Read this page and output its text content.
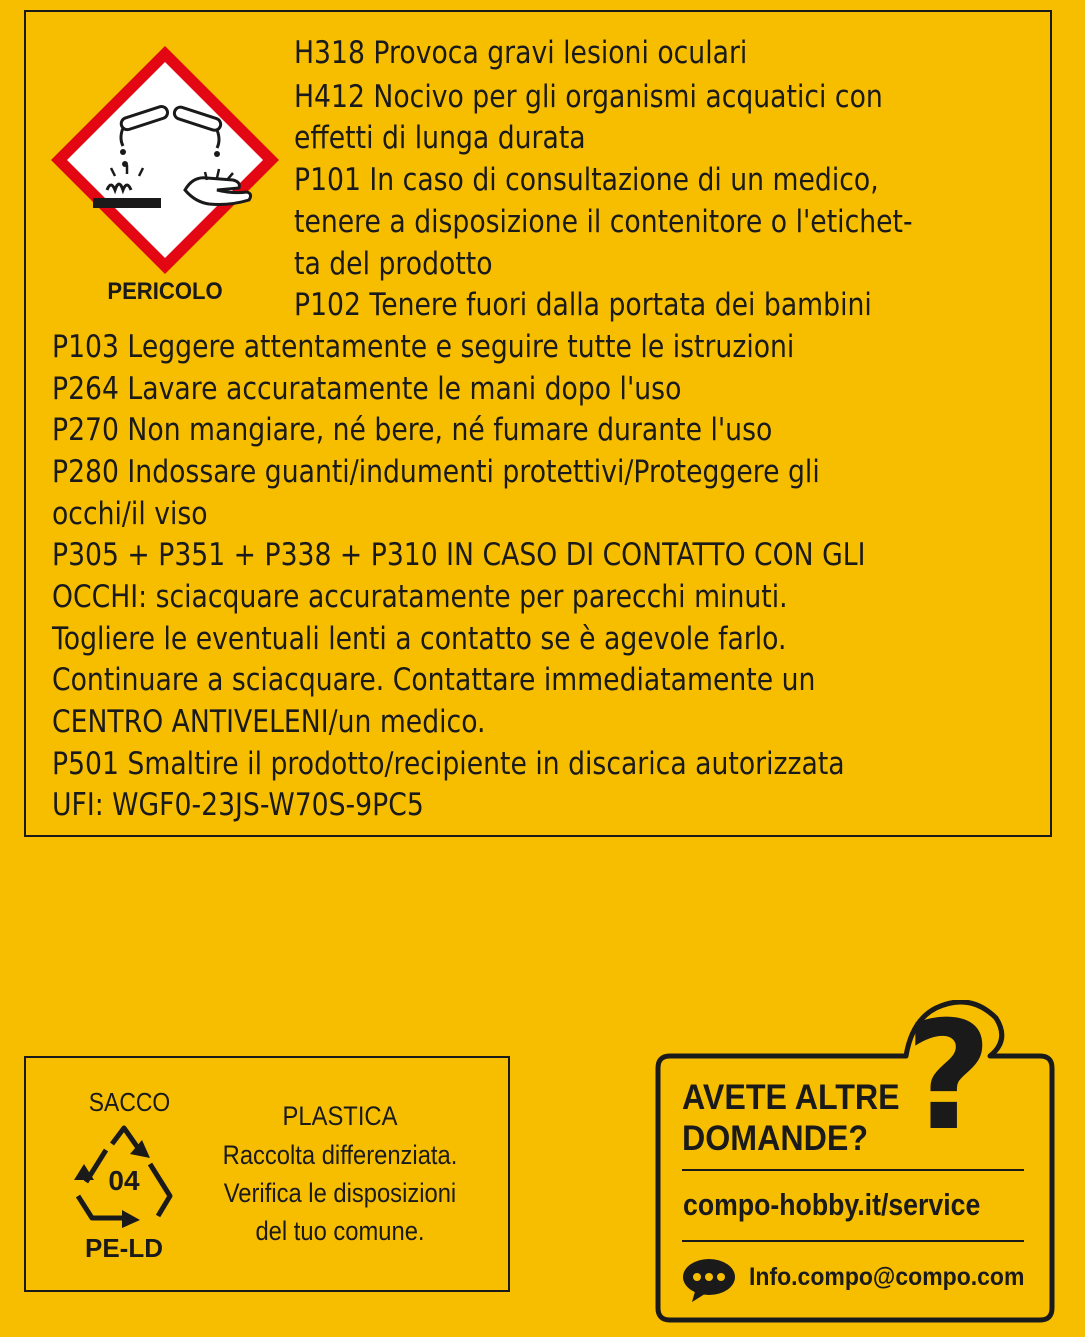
PERICOLO
H318 Provoca gravi lesioni oculari
H412 Nocivo per gli organismi acquatici con
effetti di lunga durata
P101 In caso di consultazione di un medico,
tenere a disposizione il contenitore o l'etichet-
ta del prodotto
P102 Tenere fuori dalla portata dei bambini
P103 Leggere attentamente e seguire tutte le istruzioni
P264 Lavare accuratamente le mani dopo l'uso
P270 Non mangiare, né bere, né fumare durante l'uso
P280 Indossare guanti/indumenti protettivi/Proteggere gli
occhi/il viso
P305 + P351 + P338 + P310 IN CASO DI CONTATTO CON GLI
OCCHI: sciacquare accuratamente per parecchi minuti.
Togliere le eventuali lenti a contatto se è agevole farlo.
Continuare a sciacquare. Contattare immediatamente un
CENTRO ANTIVELENI/un medico.
P501 Smaltire il prodotto/recipiente in discarica autorizzata
UFI: WGF0-23JS-W70S-9PC5
SACCO
04
PE-LD
PLASTICA
Raccolta differenziata.
Verifica le disposizioni
del tuo comune.
AVETE ALTRE
DOMANDE? ?
compo-hobby.it/service
Info.compo@compo.com
